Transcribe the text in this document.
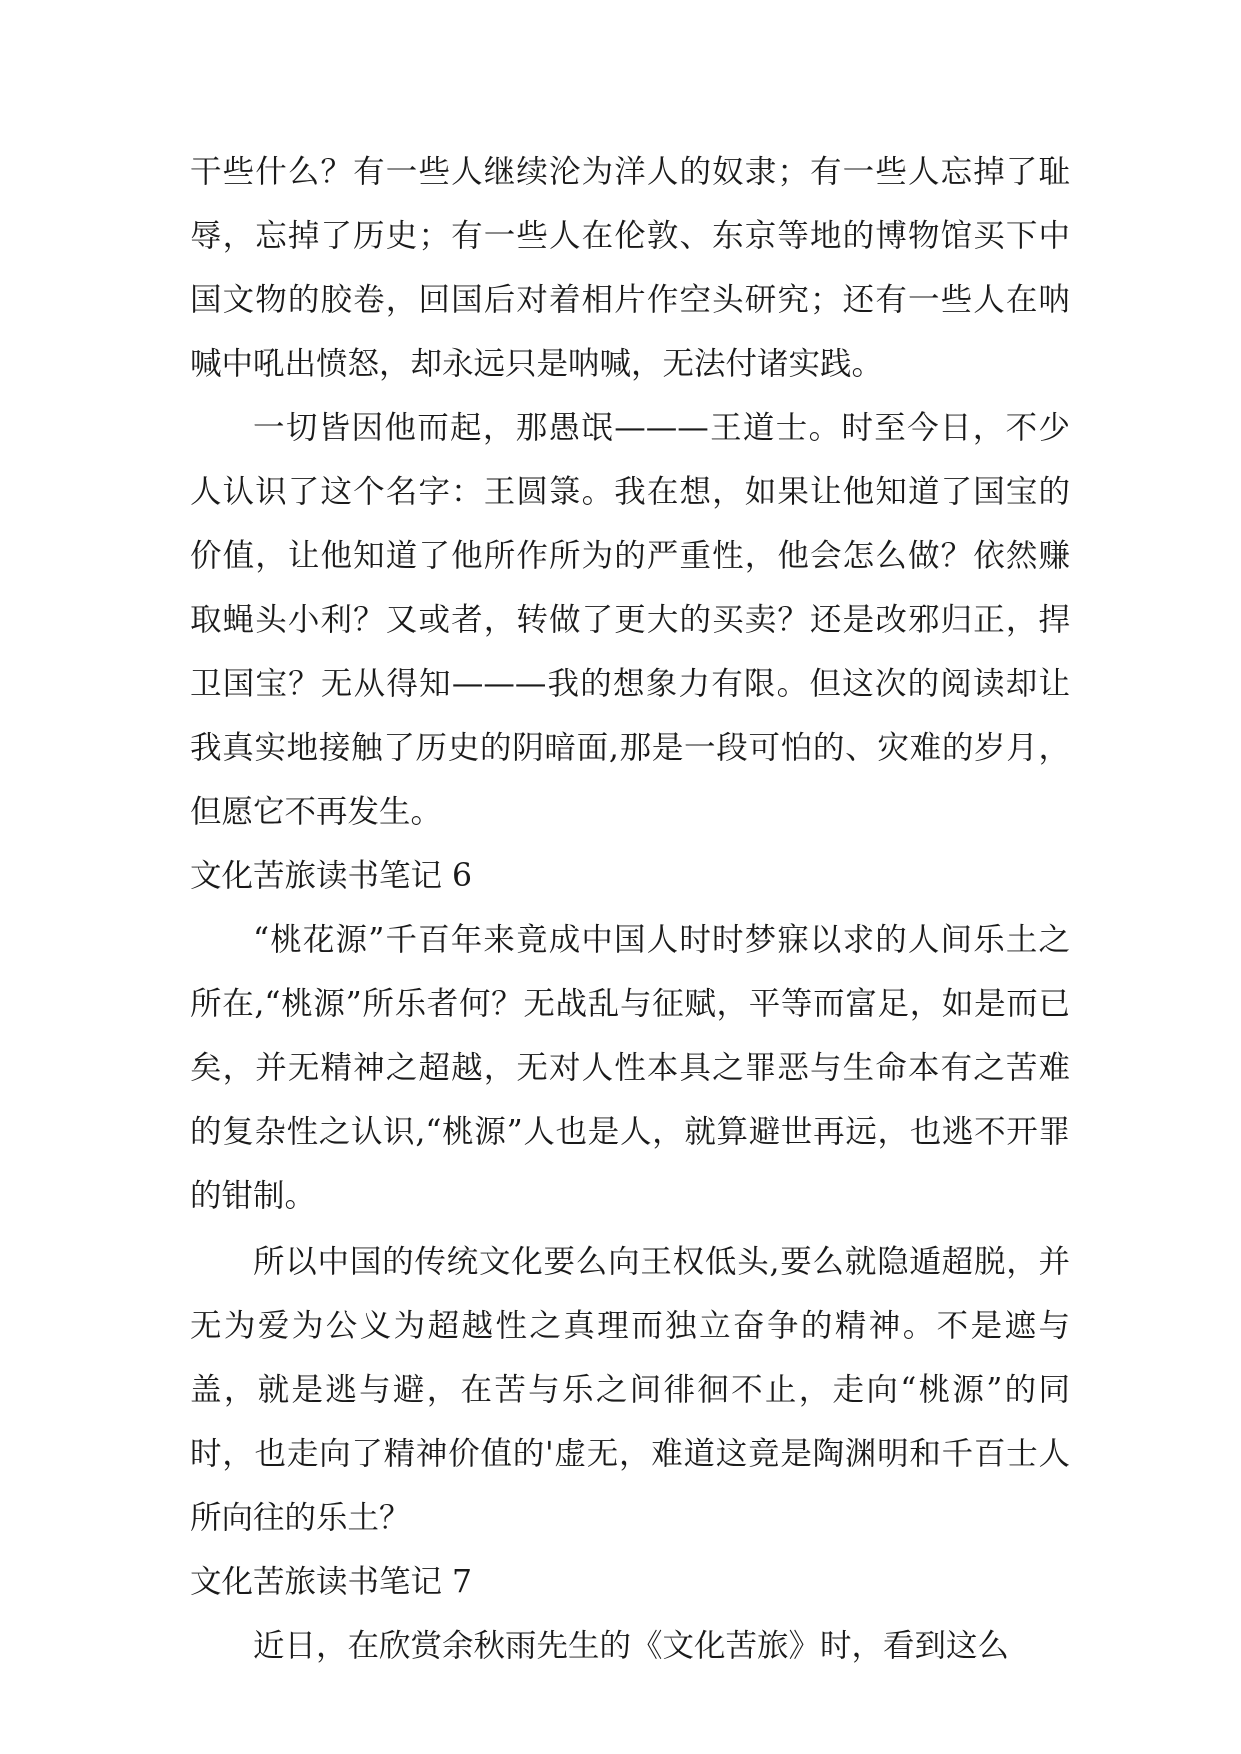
干些什么？有一些人继续沦为洋人的奴隶；有一些人忘掉了耻辱，忘掉了历史；有一些人在伦敦、东京等地的博物馆买下中国文物的胶卷，回国后对着相片作空头研究；还有一些人在呐喊中吼出愤怒，却永远只是呐喊，无法付诸实践。

一切皆因他而起，那愚氓———王道士。时至今日，不少人认识了这个名字：王圆箓。我在想，如果让他知道了国宝的价值，让他知道了他所作所为的严重性，他会怎么做？依然赚取蝇头小利？又或者，转做了更大的买卖？还是改邪归正，捍卫国宝？无从得知———我的想象力有限。但这次的阅读却让我真实地接触了历史的阴暗面,那是一段可怕的、灾难的岁月，但愿它不再发生。

文化苦旅读书笔记 6

“桃花源”千百年来竟成中国人时时梦寐以求的人间乐土之所在,“桃源”所乐者何？无战乱与征赋，平等而富足，如是而已矣，并无精神之超越，无对人性本具之罪恶与生命本有之苦难的复杂性之认识,“桃源”人也是人，就算避世再远，也逃不开罪的钳制。

所以中国的传统文化要么向王权低头,要么就隐遁超脱，并无为爱为公义为超越性之真理而独立奋争的精神。不是遮与盖，就是逃与避，在苦与乐之间徘徊不止，走向“桃源”的同时，也走向了精神价值的'虚无，难道这竟是陶渊明和千百士人所向往的乐土？

文化苦旅读书笔记 7

近日，在欣赏余秋雨先生的《文化苦旅》时，看到这么
